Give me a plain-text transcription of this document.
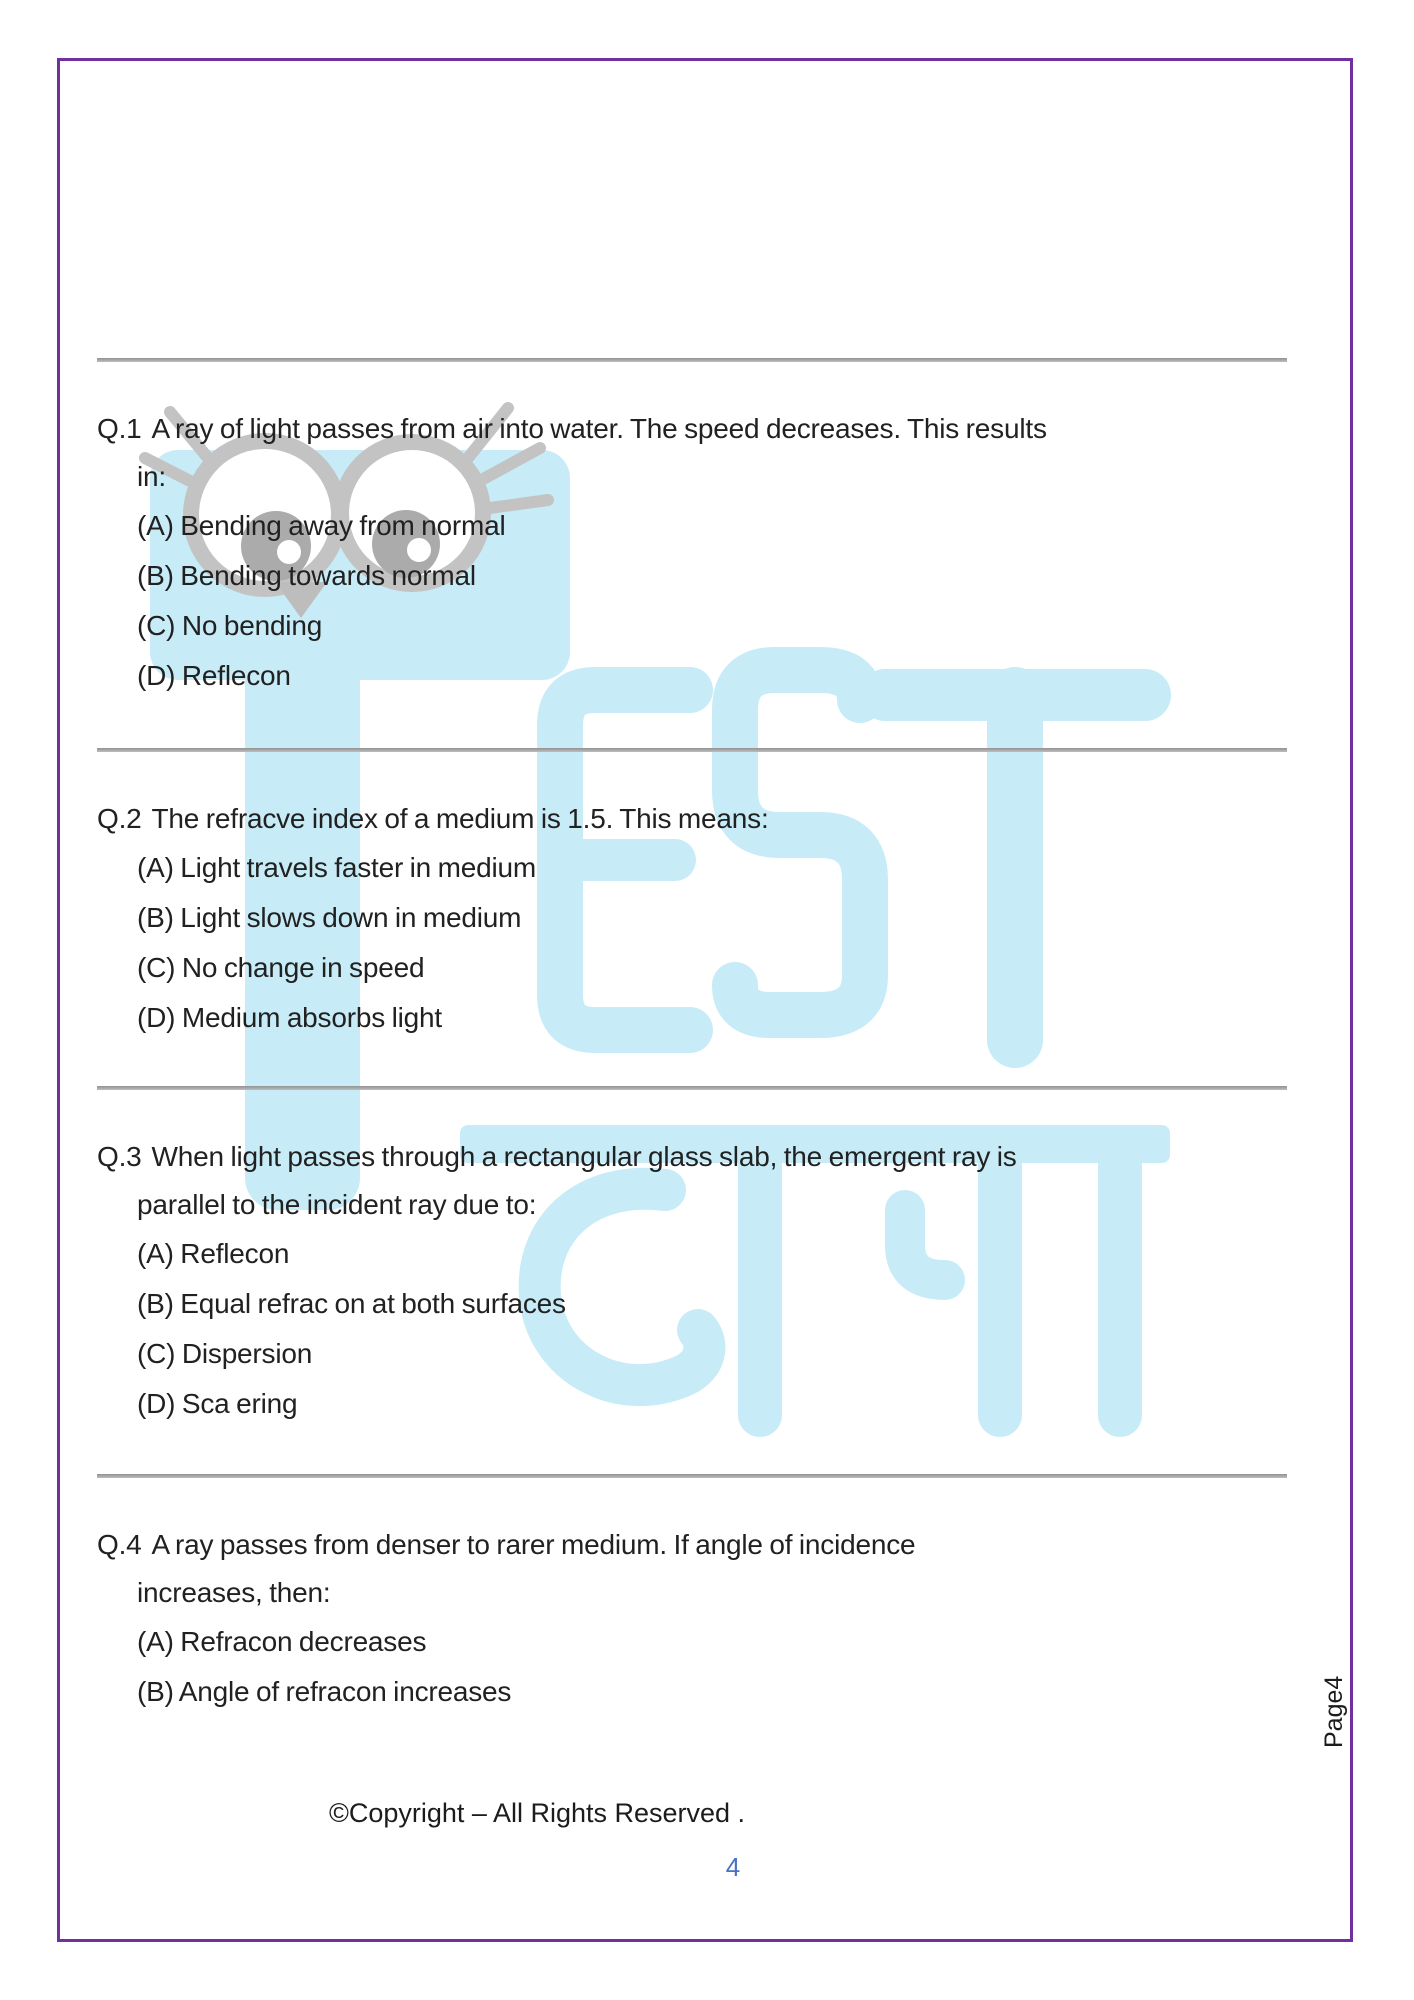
Q.1 A ray of light passes from air into water. The speed decreases. This results

in:

(A) Bending away from normal

(B) Bending towards normal

(C) No bending

(D) Reflecon

Q.2 The refracve index of a medium is 1.5. This means:

(A) Light travels faster in medium

(B) Light slows down in medium

(C) No change in speed

(D) Medium absorbs light

Q.3 When light passes through a rectangular glass slab, the emergent ray is

parallel to the incident ray due to:

(A) Reflecon

(B) Equal refrac on at both surfaces

(C) Dispersion

(D) Sca ering

Q.4 A ray passes from denser to rarer medium. If angle of incidence

increases, then:

(A) Refracon decreases

(B) Angle of refracon increases

©Copyright – All Rights Reserved .
4
Page4
